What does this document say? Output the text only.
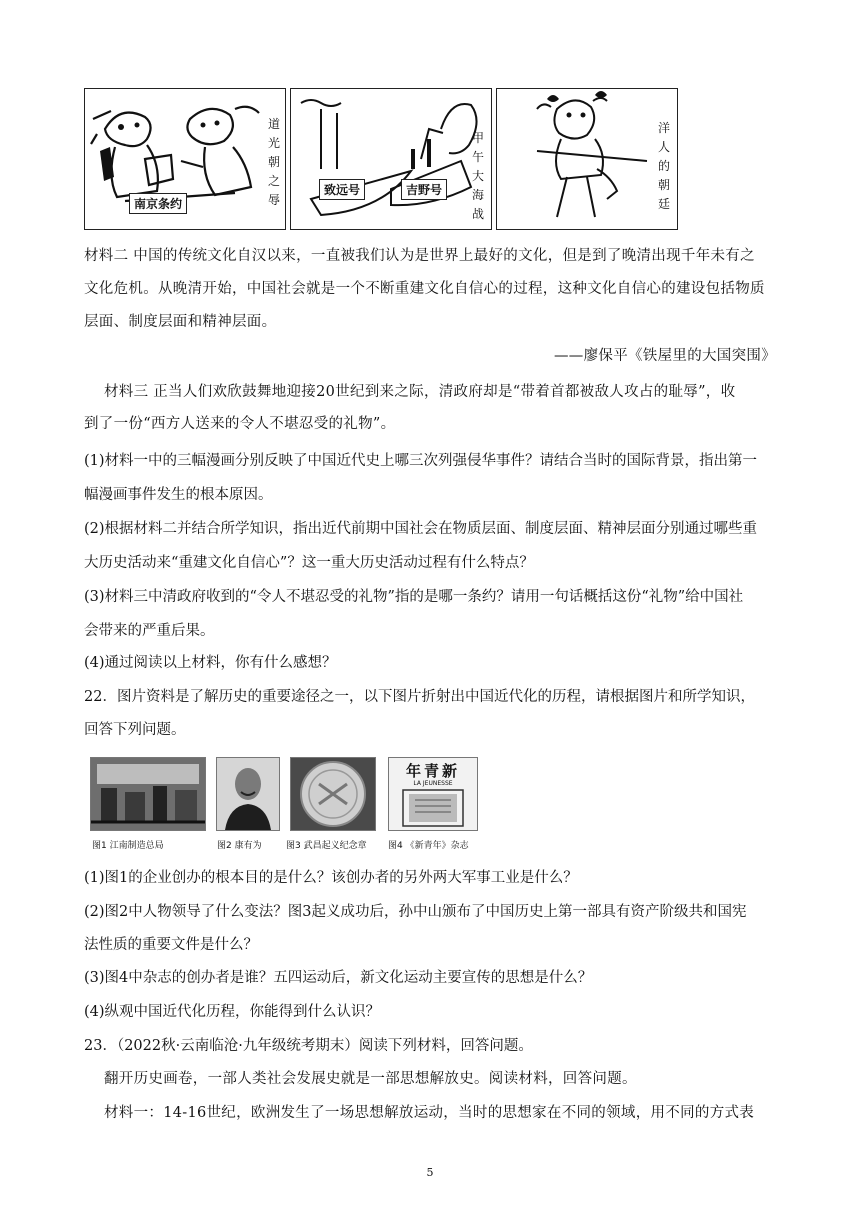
南京条约
道
光
朝
之
辱
致远号	吉野号
甲
午
大
海
战
洋
人
的
朝
廷
材料二 中国的传统文化自汉以来，一直被我们认为是世界上最好的文化，但是到了晚清出现千年未有之
文化危机。从晚清开始，中国社会就是一个不断重建文化自信心的过程，这种文化自信心的建设包括物质
层面、制度层面和精神层面。
——廖保平《铁屋里的大国突围》
材料三 正当人们欢欣鼓舞地迎接20世纪到来之际，清政府却是“带着首都被敌人攻占的耻辱”，收
到了一份“西方人送来的令人不堪忍受的礼物”。
(1)材料一中的三幅漫画分别反映了中国近代史上哪三次列强侵华事件？请结合当时的国际背景，指出第一
幅漫画事件发生的根本原因。
(2)根据材料二并结合所学知识，指出近代前期中国社会在物质层面、制度层面、精神层面分别通过哪些重
大历史活动来“重建文化自信心”？这一重大历史活动过程有什么特点？
(3)材料三中清政府收到的“令人不堪忍受的礼物”指的是哪一条约？请用一句话概括这份“礼物”给中国社
会带来的严重后果。
(4)通过阅读以上材料，你有什么感想？
22．图片资料是了解历史的重要途径之一，以下图片折射出中国近代化的历程，请根据图片和所学知识，
回答下列问题。
年青新
LA JEUNESSE
图1 江南制造总局	图2 康有为	图3 武昌起义纪念章 图4 《新青年》杂志
(1)图1的企业创办的根本目的是什么？该创办者的另外两大军事工业是什么？
(2)图2中人物领导了什么变法？图3起义成功后，孙中山颁布了中国历史上第一部具有资产阶级共和国宪
法性质的重要文件是什么？
(3)图4中杂志的创办者是谁？五四运动后，新文化运动主要宣传的思想是什么？
(4)纵观中国近代化历程，你能得到什么认识？
23．（2022秋·云南临沧·九年级统考期末）阅读下列材料，回答问题。
翻开历史画卷，一部人类社会发展史就是一部思想解放史。阅读材料，回答问题。
材料一：14-16世纪，欧洲发生了一场思想解放运动，当时的思想家在不同的领域，用不同的方式表
5
